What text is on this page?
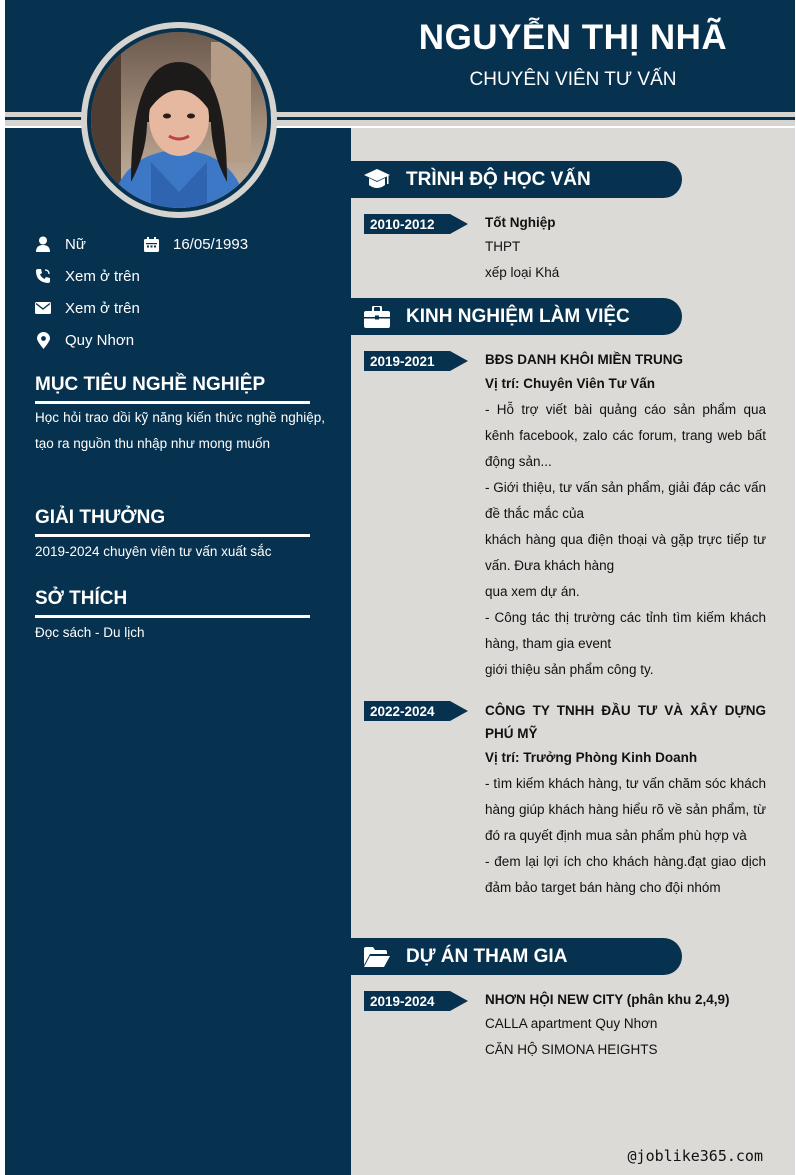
NGUYỄN THỊ NHÃ
CHUYÊN VIÊN TƯ VẤN
Nữ	16/05/1993
Xem ở trên
Xem ở trên
Quy Nhơn
MỤC TIÊU NGHỀ NGHIỆP
Học hỏi trao dồi kỹ năng kiến thức nghề nghiệp, tạo ra nguồn thu nhập như mong muốn
GIẢI THƯỞNG
2019-2024 chuyên viên tư vấn xuất sắc
SỞ THÍCH
Đọc sách - Du lịch
TRÌNH ĐỘ HỌC VẤN
2010-2012	Tốt Nghiệp
THPT
xếp loại Khá
KINH NGHIỆM LÀM VIỆC
2019-2021	BĐS DANH KHÔI MIỀN TRUNG
Vị trí: Chuyên Viên Tư Vấn
- Hỗ trợ viết bài quảng cáo sản phẩm qua kênh facebook, zalo các forum, trang web bất động sản...
- Giới thiệu, tư vấn sản phẩm, giải đáp các vấn đề thắc mắc của
khách hàng qua điện thoại và gặp trực tiếp tư vấn. Đưa khách hàng
qua xem dự án.
- Công tác thị trường các tỉnh tìm kiếm khách hàng, tham gia event
giới thiệu sản phẩm công ty.
2022-2024	CÔNG TY TNHH ĐẦU TƯ VÀ XÂY DỰNG PHÚ MỸ
Vị trí: Trưởng Phòng Kinh Doanh
- tìm kiếm khách hàng, tư vấn chăm sóc khách hàng giúp khách hàng hiểu rõ về sản phẩm, từ đó ra quyết định mua sản phẩm phù hợp và
- đem lại lợi ích cho khách hàng.đạt giao dịch đảm bảo target bán hàng cho đội nhóm
DỰ ÁN THAM GIA
2019-2024	NHƠN HỘI NEW CITY (phân khu 2,4,9)
CALLA apartment Quy Nhơn
CĂN HỘ SIMONA HEIGHTS
@joblike365.com
